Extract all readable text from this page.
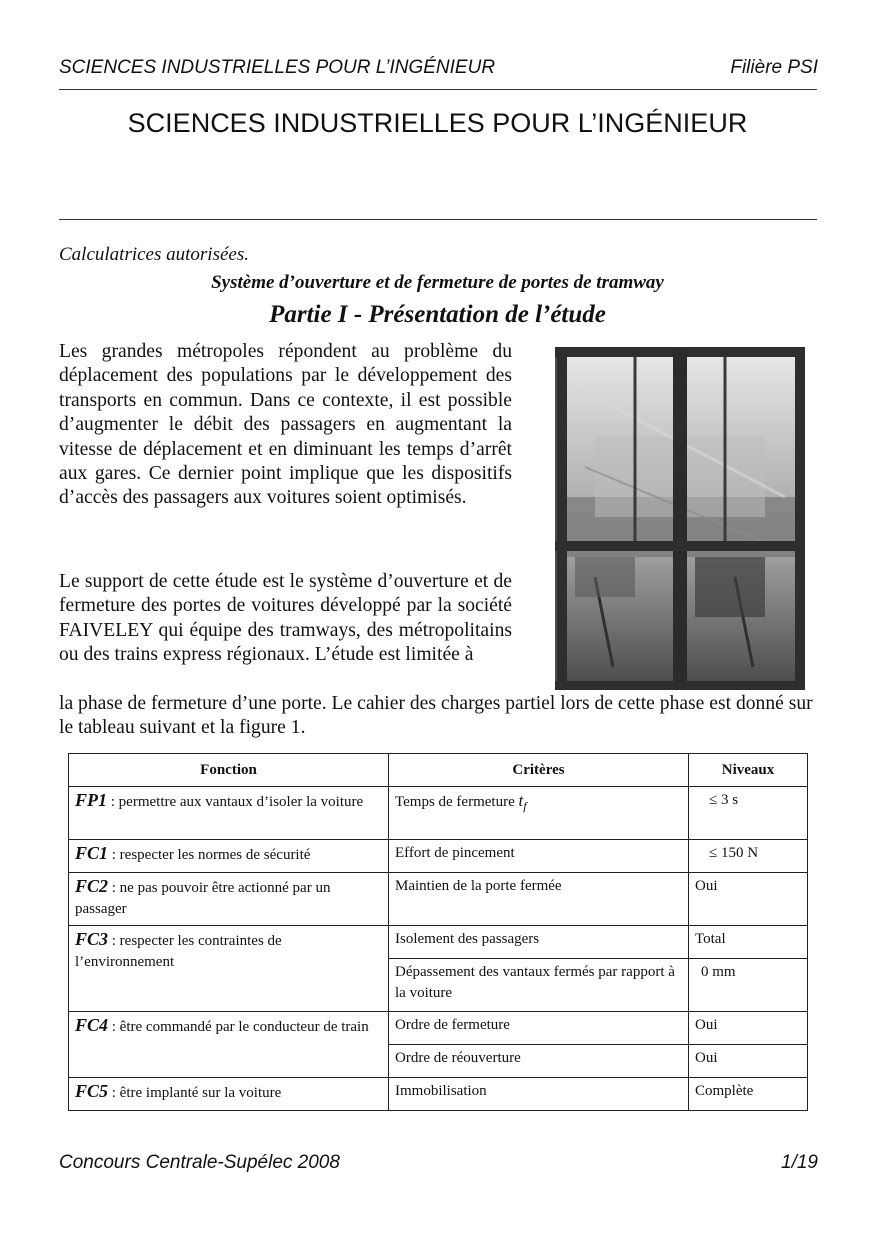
SCIENCES INDUSTRIELLES POUR L’INGÉNIEUR	Filière PSI
SCIENCES INDUSTRIELLES POUR L’INGÉNIEUR
Calculatrices autorisées.
Système d’ouverture et de fermeture de portes de tramway
Partie I - Présentation de l’étude

Les grandes métropoles répondent au problème du déplacement des populations par le développement des transports en commun. Dans ce contexte, il est possible d’augmenter le débit des passagers en augmentant la vitesse de déplacement et en diminuant les temps d’arrêt aux gares. Ce dernier point implique que les dispositifs d’accès des passagers aux voitures soient optimisés.

Le support de cette étude est le système d’ouverture et de fermeture des portes de voitures développé par la société FAIVELEY qui équipe des tramways, des métropolitains ou des trains express régionaux. L’étude est limitée à

la phase de fermeture d’une porte. Le cahier des charges partiel lors de cette phase est donné sur le tableau suivant et la figure 1.

Fonction	Critères	Niveaux
FP1 : permettre aux vantaux d’isoler la voiture	Temps de fermeture $t_f$	≤ 3 s
FC1 : respecter les normes de sécurité	Effort de pincement	≤ 150 N
FC2 : ne pas pouvoir être actionné par un passager	Maintien de la porte fermée	Oui
FC3 : respecter les contraintes de l’environnement	Isolement des passagers	Total
	Dépassement des vantaux fermés par rapport à la voiture	0 mm
FC4 : être commandé par le conducteur de train	Ordre de fermeture	Oui
	Ordre de réouverture	Oui
FC5 : être implanté sur la voiture	Immobilisation	Complète
Concours Centrale-Supélec 2008	1/19
